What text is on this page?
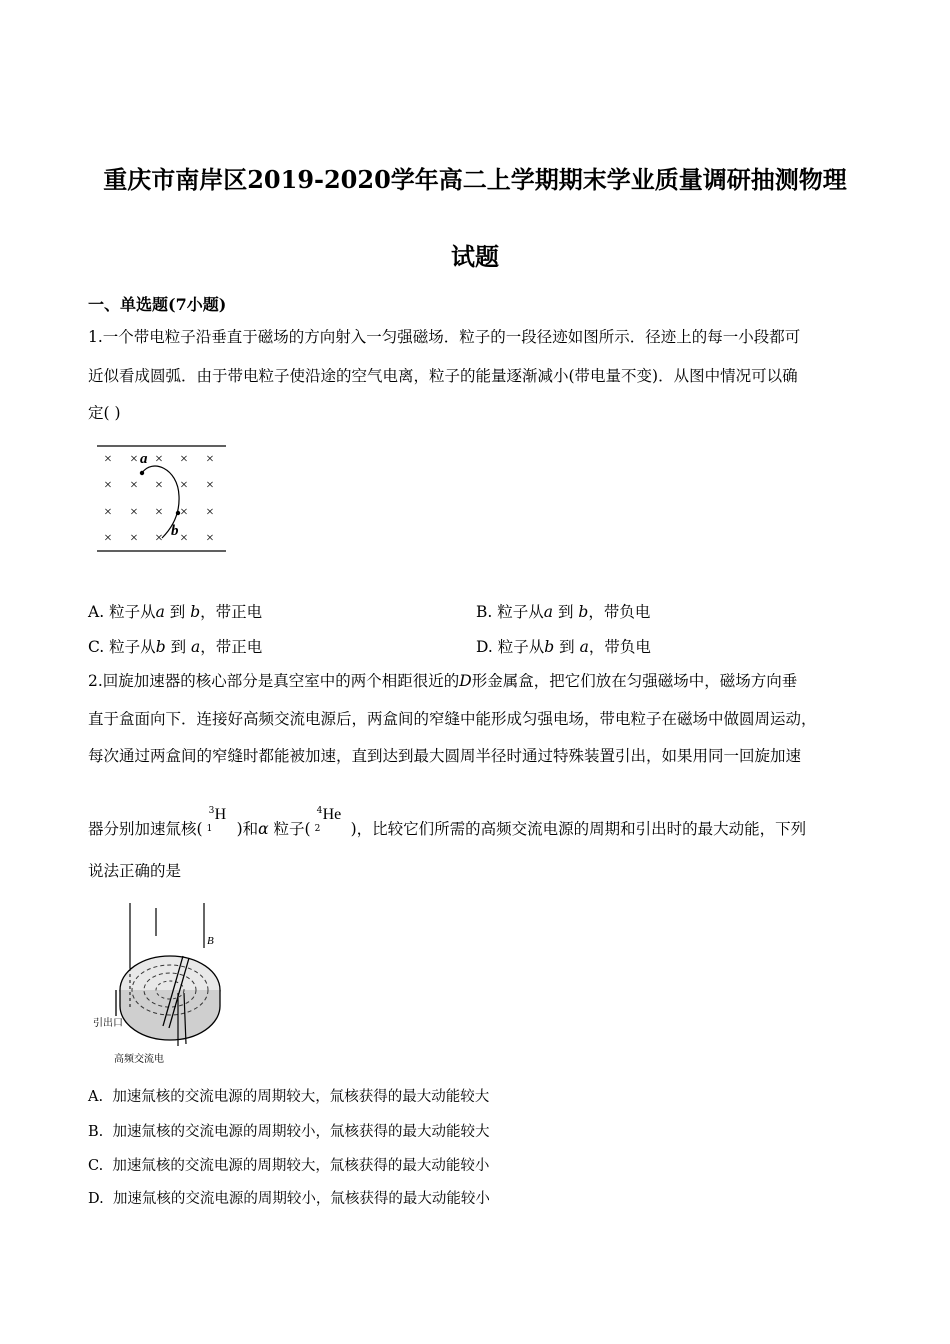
重庆市南岸区2019-2020学年高二上学期期末学业质量调研抽测物理
试题
一、单选题(7小题)
1.一个带电粒子沿垂直于磁场的方向射入一匀强磁场．粒子的一段径迹如图所示．径迹上的每一小段都可
近似看成圆弧．由于带电粒子使沿途的空气电离，粒子的能量逐渐减小(带电量不变)．从图中情况可以确
定( )
× × × × ×
× × × × ×
× × × × ×
× × × × ×
a
b
A. 粒子从a 到 b，带正电	B. 粒子从a 到 b，带负电
C. 粒子从b 到 a，带正电	D. 粒子从b 到 a，带负电
2.回旋加速器的核心部分是真空室中的两个相距很近的D形金属盒，把它们放在匀强磁场中，磁场方向垂
直于盒面向下．连接好高频交流电源后，两盒间的窄缝中能形成匀强电场，带电粒子在磁场中做圆周运动，
每次通过两盒间的窄缝时都能被加速，直到达到最大圆周半径时通过特殊装置引出，如果用同一回旋加速
器分别加速氚核(
3
1
H
)和α 粒子(
4
2
He
)，比较它们所需的高频交流电源的周期和引出时的最大动能，下列
说法正确的是
B
引出口
高频交流电
A. 加速氚核的交流电源的周期较大，氚核获得的最大动能较大
B. 加速氚核的交流电源的周期较小，氚核获得的最大动能较大
C. 加速氚核的交流电源的周期较大，氚核获得的最大动能较小
D. 加速氚核的交流电源的周期较小，氚核获得的最大动能较小
